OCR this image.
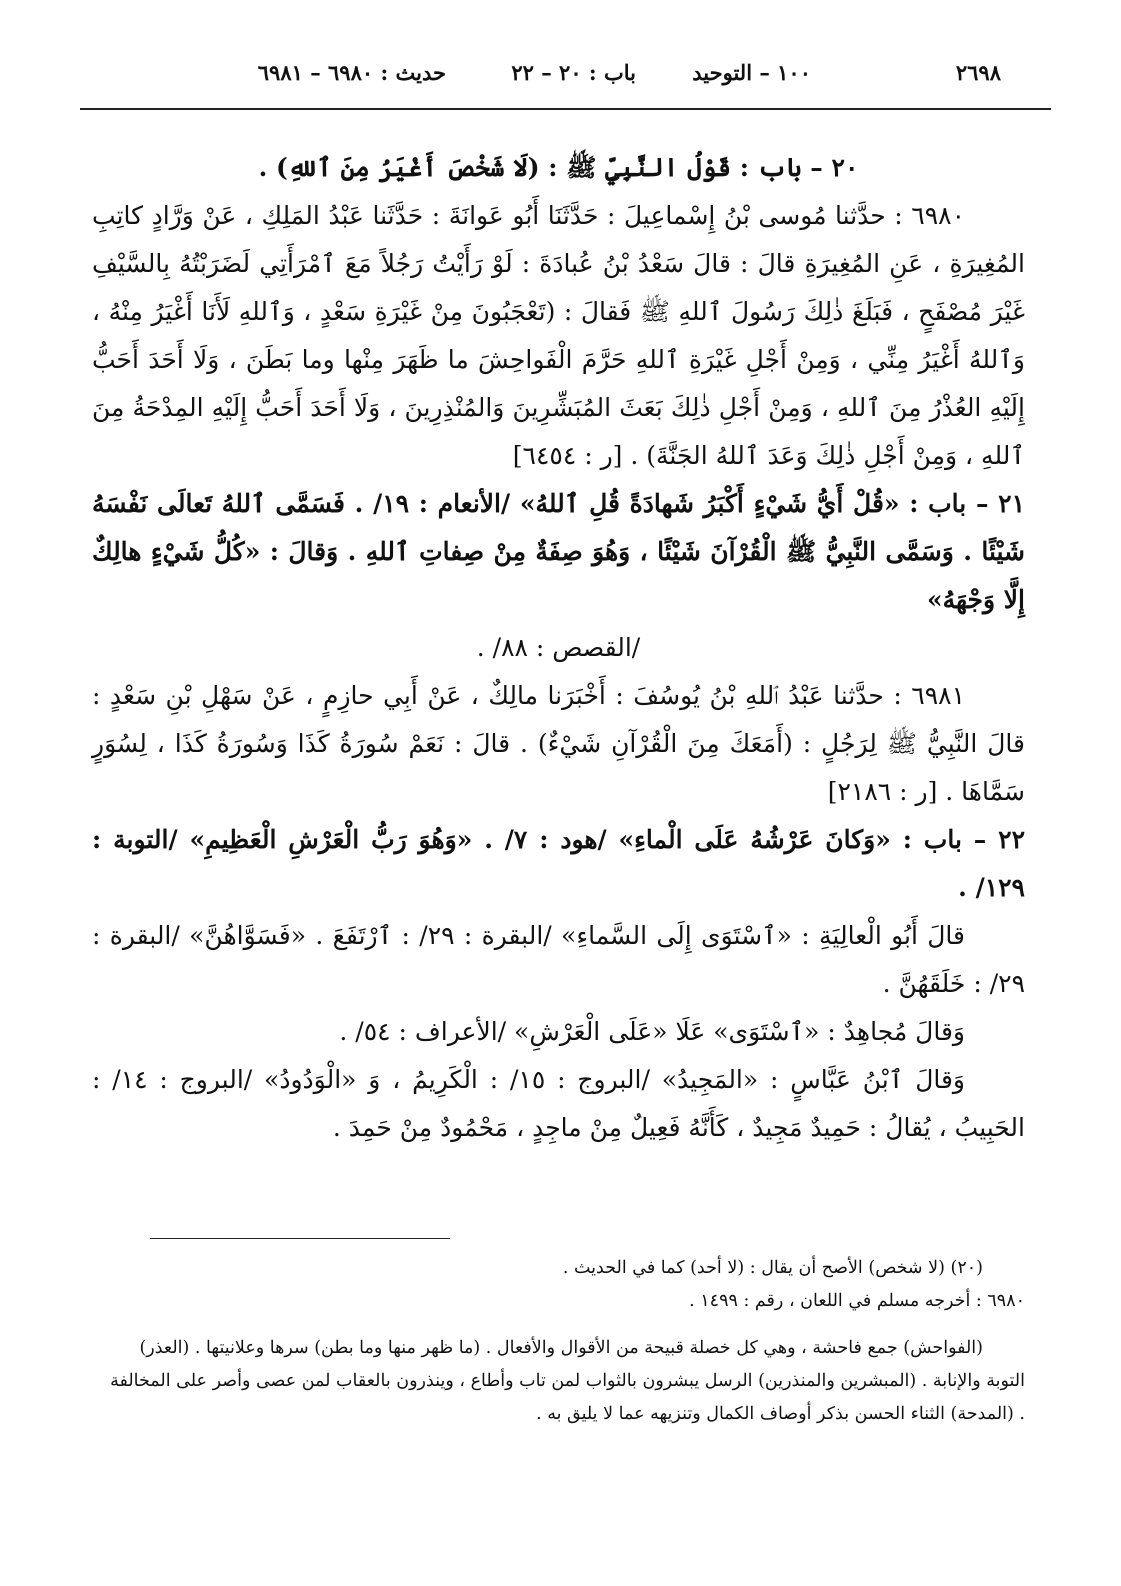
٢٦٩٨
١٠٠ – التوحيد
باب : ٢٠ – ٢٢
حديث : ٦٩٨٠ – ٦٩٨١

٢٠ – باب : قَوْلُ النَّبِيِّ ﷺ : (لَا شَخْصَ أَغْيَرُ مِنَ ٱللهِ) .

٦٩٨٠ : حدَّثنا مُوسى بْنُ إِسْماعِيلَ : حَدَّثَنَا أَبُو عَوانَةَ : حَدَّثَنا عَبْدُ المَلِكِ ، عَنْ وَرَّادٍ كاتِبِ المُغِيرَةِ ، عَنِ المُغِيرَةِ قالَ : قالَ سَعْدُ بْنُ عُبادَةَ : لَوْ رَأَيْتُ رَجُلاً مَعَ ٱمْرَأَتِي لَضَرَبْتُهُ بِالسَّيْفِ غَيْرَ مُصْفَحٍ ، فَبَلَغَ ذٰلِكَ رَسُولَ ٱللهِ ﷺ فَقالَ : (تَعْجَبُونَ مِنْ غَيْرَةِ سَعْدٍ ، وَٱللهِ لَأَنَا أَغْيَرُ مِنْهُ ، وَٱللهُ أَغْيَرُ مِنِّي ، وَمِنْ أَجْلِ غَيْرَةِ ٱللهِ حَرَّمَ الْفَواحِشَ ما ظَهَرَ مِنْها وما بَطَنَ ، وَلَا أَحَدَ أَحَبُّ إِلَيْهِ العُذْرُ مِنَ ٱللهِ ، وَمِنْ أَجْلِ ذٰلِكَ بَعَثَ المُبَشِّرِينَ وَالمُنْذِرِينَ ، وَلَا أَحَدَ أَحَبُّ إِلَيْهِ المِدْحَةُ مِنَ ٱللهِ ، وَمِنْ أَجْلِ ذٰلِكَ وَعَدَ ٱللهُ الجَنَّةَ) . [ر : ٦٤٥٤]

٢١ – باب : «قُلْ أَيُّ شَيْءٍ أَكْبَرُ شَهادَةً قُلِ ٱللهُ» /الأنعام : ١٩/ . فَسَمَّى ٱللهُ تَعالَى نَفْسَهُ شَيْئًا . وَسَمَّى النَّبِيُّ ﷺ الْقُرْآنَ شَيْئًا ، وَهُوَ صِفَةٌ مِنْ صِفاتِ ٱللهِ . وَقالَ : «كُلُّ شَيْءٍ هالِكٌ إِلَّا وَجْهَهُ»

/القصص : ٨٨/ .

٦٩٨١ : حدَّثنا عَبْدُ ٱللهِ بْنُ يُوسُفَ : أَخْبَرَنا مالِكٌ ، عَنْ أَبِي حازِمٍ ، عَنْ سَهْلِ بْنِ سَعْدٍ : قالَ النَّبِيُّ ﷺ لِرَجُلٍ : (أَمَعَكَ مِنَ الْقُرْآنِ شَيْءٌ) . قالَ : نَعَمْ سُورَةُ كَذَا وَسُورَةُ كَذَا ، لِسُوَرٍ سَمَّاهَا . [ر : ٢١٨٦]

٢٢ – باب : «وَكانَ عَرْشُهُ عَلَى الْماءِ» /هود : ٧/ . «وَهُوَ رَبُّ الْعَرْشِ الْعَظِيمِ» /التوبة : ١٢٩/ .

قالَ أَبُو الْعالِيَةِ : «ٱسْتَوَى إِلَى السَّماءِ» /البقرة : ٢٩/ : ٱرْتَفَعَ . «فَسَوَّاهُنَّ» /البقرة : ٢٩/ : خَلَقَهُنَّ .

وَقالَ مُجاهِدٌ : «ٱسْتَوَى» عَلَا «عَلَى الْعَرْشِ» /الأعراف : ٥٤/ .

وَقالَ ٱبْنُ عَبَّاسٍ : «المَجِيدُ» /البروج : ١٥/ : الْكَرِيمُ ، وَ «الْوَدُودُ» /البروج : ١٤/ : الحَبِيبُ ، يُقالُ : حَمِيدٌ مَجِيدٌ ، كَأَنَّهُ فَعِيلٌ مِنْ ماجِدٍ ، مَحْمُودٌ مِنْ حَمِدَ .

(٢٠) (لا شخص) الأصح أن يقال : (لا أحد) كما في الحديث .

٦٩٨٠ : أخرجه مسلم في اللعان ، رقم : ١٤٩٩ .

(الفواحش) جمع فاحشة ، وهي كل خصلة قبيحة من الأقوال والأفعال . (ما ظهر منها وما بطن) سرها وعلانيتها . (العذر) التوبة والإنابة . (المبشرين والمنذرين) الرسل يبشرون بالثواب لمن تاب وأطاع ، وينذرون بالعقاب لمن عصى وأصر على المخالفة . (المدحة) الثناء الحسن بذكر أوصاف الكمال وتنزيهه عما لا يليق به .
